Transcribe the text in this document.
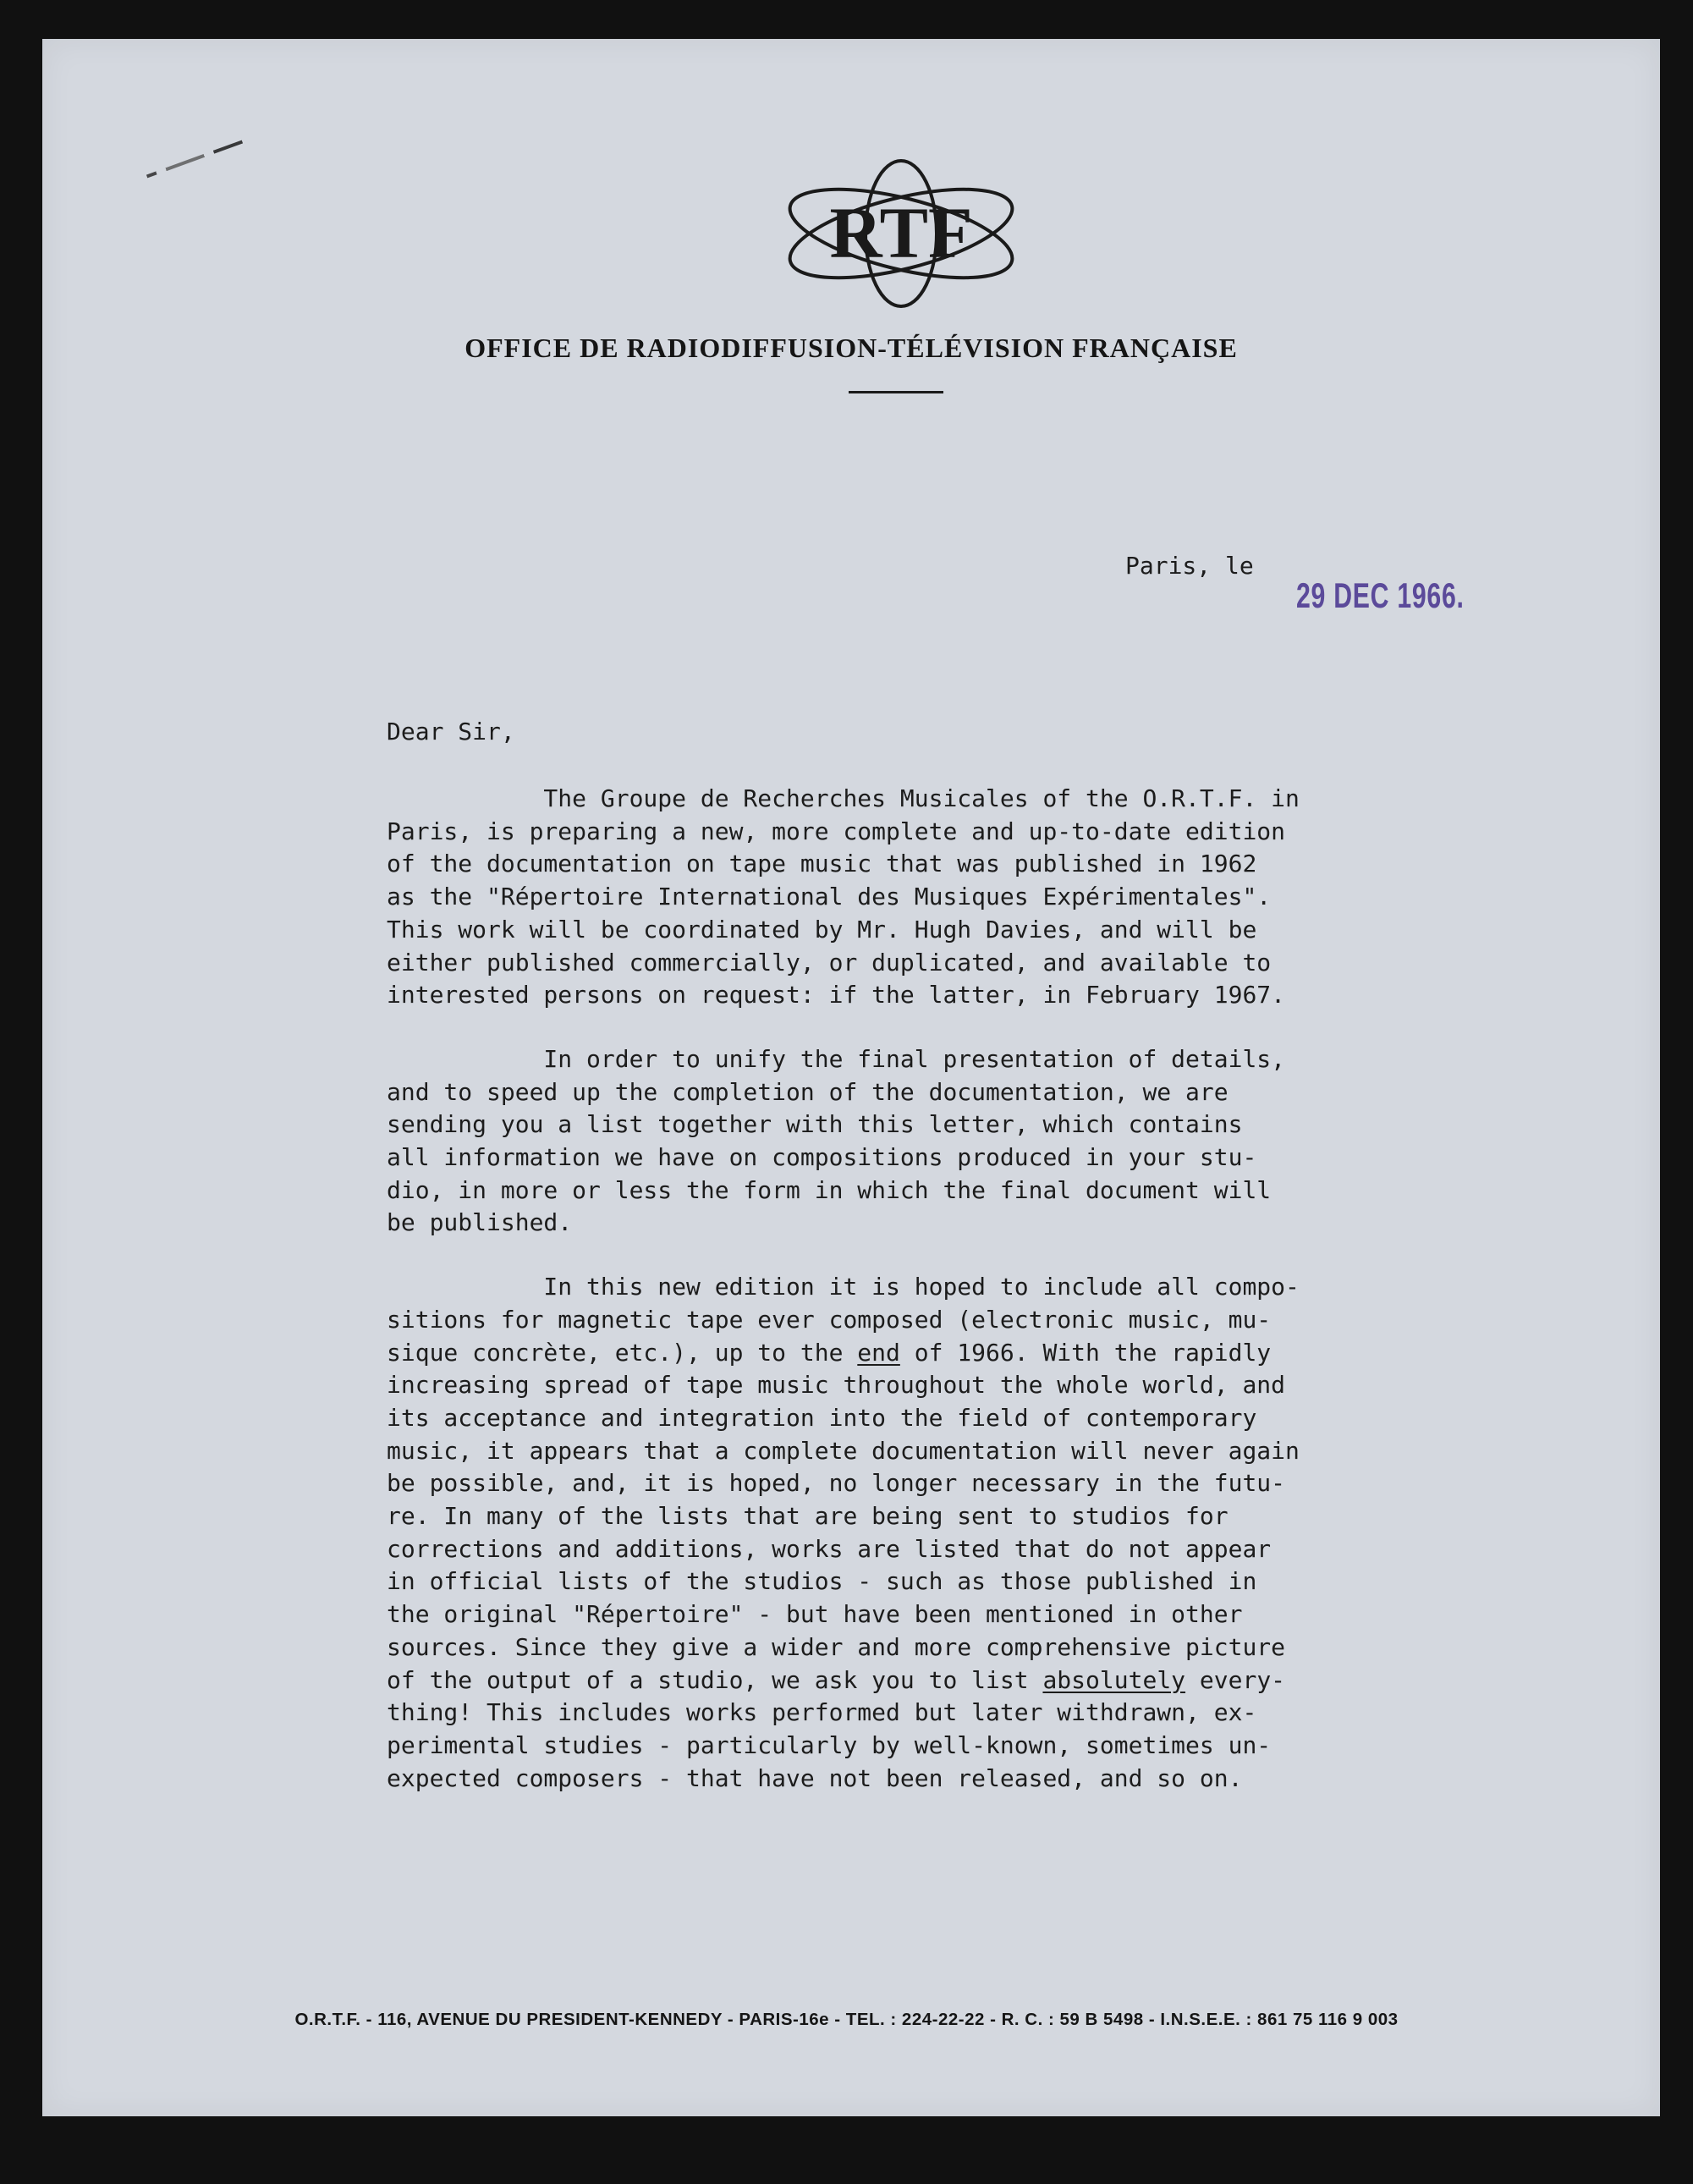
RTF
OFFICE DE RADIODIFFUSION-TÉLÉVISION FRANÇAISE
Paris, le
29 DEC 1966.
Dear Sir,
The Groupe de Recherches Musicales of the O.R.T.F. in
Paris, is preparing a new, more complete and up-to-date edition
of the documentation on tape music that was published in 1962
as the "Répertoire International des Musiques Expérimentales".
This work will be coordinated by Mr. Hugh Davies, and will be
either published commercially, or duplicated, and available to
interested persons on request: if the latter, in February 1967.
In order to unify the final presentation of details,
and to speed up the completion of the documentation, we are
sending you a list together with this letter, which contains
all information we have on compositions produced in your stu-
dio, in more or less the form in which the final document will
be published.
In this new edition it is hoped to include all compo-
sitions for magnetic tape ever composed (electronic music, mu-
sique concrète, etc.), up to the end of 1966. With the rapidly
increasing spread of tape music throughout the whole world, and
its acceptance and integration into the field of contemporary
music, it appears that a complete documentation will never again
be possible, and, it is hoped, no longer necessary in the futu-
re. In many of the lists that are being sent to studios for
corrections and additions, works are listed that do not appear
in official lists of the studios - such as those published in
the original "Répertoire" - but have been mentioned in other
sources. Since they give a wider and more comprehensive picture
of the output of a studio, we ask you to list absolutely every-
thing! This includes works performed but later withdrawn, ex-
perimental studies - particularly by well-known, sometimes un-
expected composers - that have not been released, and so on.
O.R.T.F. - 116, AVENUE DU PRESIDENT-KENNEDY - PARIS-16e - TEL. : 224-22-22 - R. C. : 59 B 5498 - I.N.S.E.E. : 861 75 116 9 003
